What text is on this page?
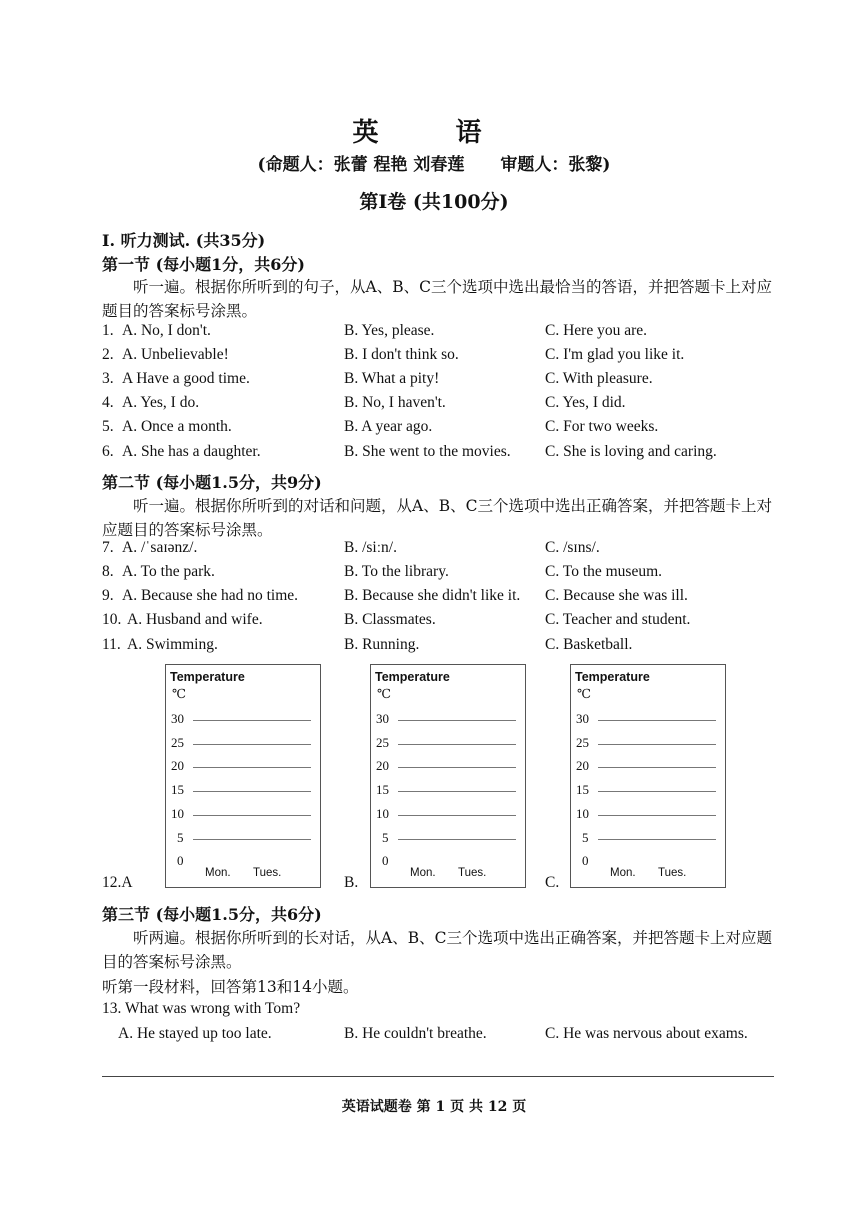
英 语
(命题人：张蕾 程艳 刘春莲 审题人：张黎)
第Ⅰ卷 (共100分)
I. 听力测试. (共35分)
第一节 (每小题1分，共6分)
听一遍。根据你所听到的句子，从A、B、C三个选项中选出最恰当的答语，并把答题卡上对应题目的答案标号涂黑。
1. A. No, I don't.	B. Yes, please.	C. Here you are.
2. A. Unbelievable!	B. I don't think so.	C. I'm glad you like it.
3. A Have a good time.	B. What a pity!	C. With pleasure.
4. A. Yes, I do.	B. No, I haven't.	C. Yes, I did.
5. A. Once a month.	B. A year ago.	C. For two weeks.
6. A. She has a daughter.	B. She went to the movies. C. She is loving and caring.
第二节 (每小题1.5分，共9分)
听一遍。根据你所听到的对话和问题，从A、B、C三个选项中选出正确答案，并把答题卡上对应题目的答案标号涂黑。
7. A. /ˈsaɪənz/.	B. /siːn/.	C. /sɪns/.
8. A. To the park.	B. To the library.	C. To the museum.
9. A. Because she had no time.	B. Because she didn't like it. C. Because she was ill.
10. A. Husband and wife.	B. Classmates.	C. Teacher and student.
11. A. Swimming.	B. Running.	C. Basketball.
12.A	B.	C.
Temperature
℃
30
25
20
15
10
5
0
Mon. Tues.
Temperature
℃
30
25
20
15
10
5
0
Mon. Tues.
Temperature
℃
30
25
20
15
10
5
0
Mon. Tues.
第三节 (每小题1.5分，共6分)
听两遍。根据你所听到的长对话，从A、B、C三个选项中选出正确答案，并把答题卡上对应题目的答案标号涂黑。
听第一段材料，回答第13和14小题。
13. What was wrong with Tom?
A. He stayed up too late.	B. He couldn't breathe.	C. He was nervous about exams.
英语试题卷 第 1 页 共 12 页
